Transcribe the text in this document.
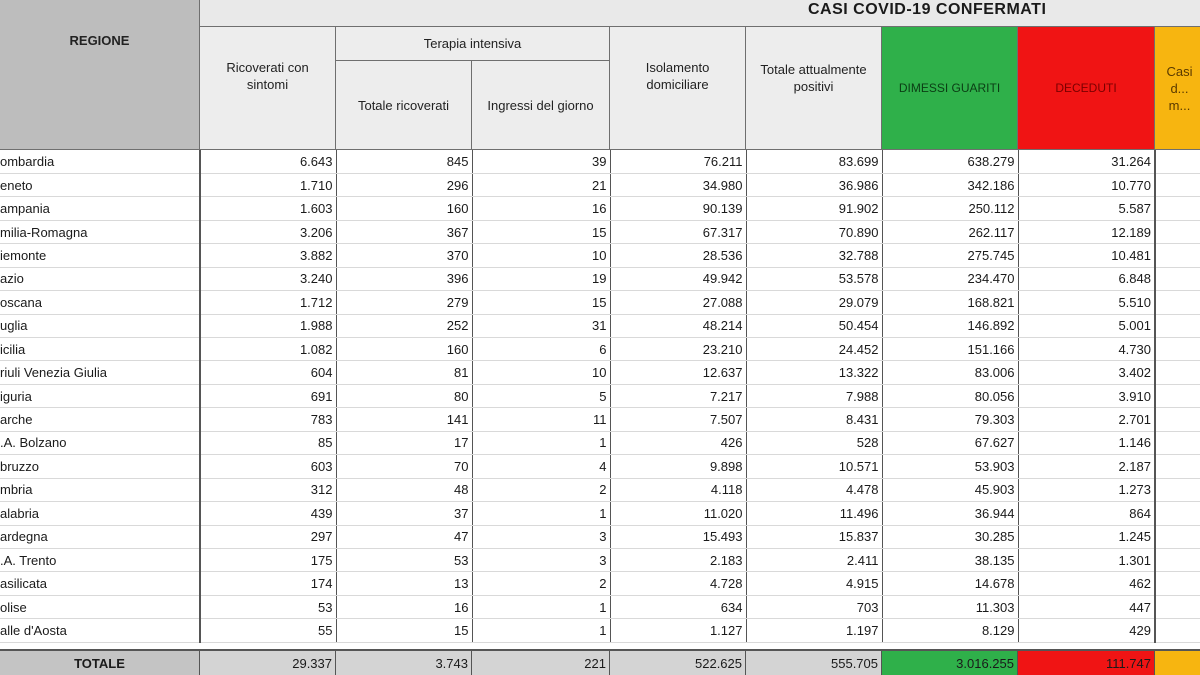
CASI COVID-19 CONFERMATI
REGIONE
Ricoverati con sintomi
Terapia intensiva
Totale ricoverati	Ingressi del giorno
Isolamento domiciliare
Totale attualmente positivi	DIMESSI GUARITI	DECEDUTI
Casi d... m...
ombardia	6.643	845	39	76.211	83.699	638.279	31.264	
eneto	1.710	296	21	34.980	36.986	342.186	10.770	
ampania	1.603	160	16	90.139	91.902	250.112	5.587	
milia-Romagna	3.206	367	15	67.317	70.890	262.117	12.189	
iemonte	3.882	370	10	28.536	32.788	275.745	10.481	
azio	3.240	396	19	49.942	53.578	234.470	6.848	
oscana	1.712	279	15	27.088	29.079	168.821	5.510	
uglia	1.988	252	31	48.214	50.454	146.892	5.001	
icilia	1.082	160	6	23.210	24.452	151.166	4.730	
riuli Venezia Giulia	604	81	10	12.637	13.322	83.006	3.402	
iguria	691	80	5	7.217	7.988	80.056	3.910	
arche	783	141	11	7.507	8.431	79.303	2.701	
.A. Bolzano	85	17	1	426	528	67.627	1.146	
bruzzo	603	70	4	9.898	10.571	53.903	2.187	
mbria	312	48	2	4.118	4.478	45.903	1.273	
alabria	439	37	1	11.020	11.496	36.944	864	
ardegna	297	47	3	15.493	15.837	30.285	1.245	
.A. Trento	175	53	3	2.183	2.411	38.135	1.301	
asilicata	174	13	2	4.728	4.915	14.678	462	
olise	53	16	1	634	703	11.303	447	
alle d'Aosta	55	15	1	1.127	1.197	8.129	429	
TOTALE	29.337	3.743	221	522.625	555.705	3.016.255	111.747
